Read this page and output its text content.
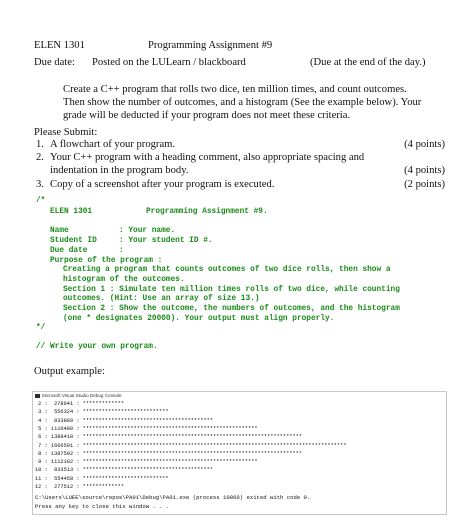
ELEN 1301	Programming Assignment #9
Due date: Posted on the LULearn / blackboard	(Due at the end of the day.)
Create a C++ program that rolls two dice, ten million times, and count outcomes.
Then show the number of outcomes, and a histogram (See the example below). Your
grade will be deducted if your program does not meet these criteria.
Please Submit:
1. A flowchart of your program.	(4 points)
2. Your C++ program with a heading comment, also appropriate spacing and
indentation in the program body.	(4 points)
3. Copy of a screenshot after your program is executed.	(2 points)
/*
ELEN 1301	Programming Assignment #9.
Name	: Your name.
Student ID	: Your student ID #.
Due date	:
Purpose of the program :
Creating a program that counts outcomes of two dice rolls, then show a
histogram of the outcomes.
Section 1 : Simulate ten million times rolls of two dice, while counting
outcomes. (Hint: Use an array of size 13.)
Section 2 : Show the outcome, the numbers of outcomes, and the histogram
(one * designates 20000). Your output must align properly.
*/
// Write your own program.
Output example:
Microsoft Visual Studio Debug Console
2 :  278041 : *************
3 :  556324 : ***************************
4 :  833889 : *****************************************
5 : 1110480 : *******************************************************
6 : 1389418 : *********************************************************************
7 : 1666591 : ***********************************************************************************
8 : 1387592 : *********************************************************************
9 : 1112182 : *******************************************************
10 :  833513 : *****************************************
11 :  554458 : ***************************
12 :  277512 : *************
C:\Users\LUEE\source\repos\PA01\Debug\PA01.exe (process 10860) exited with code 0.
Press any key to close this window . . .
